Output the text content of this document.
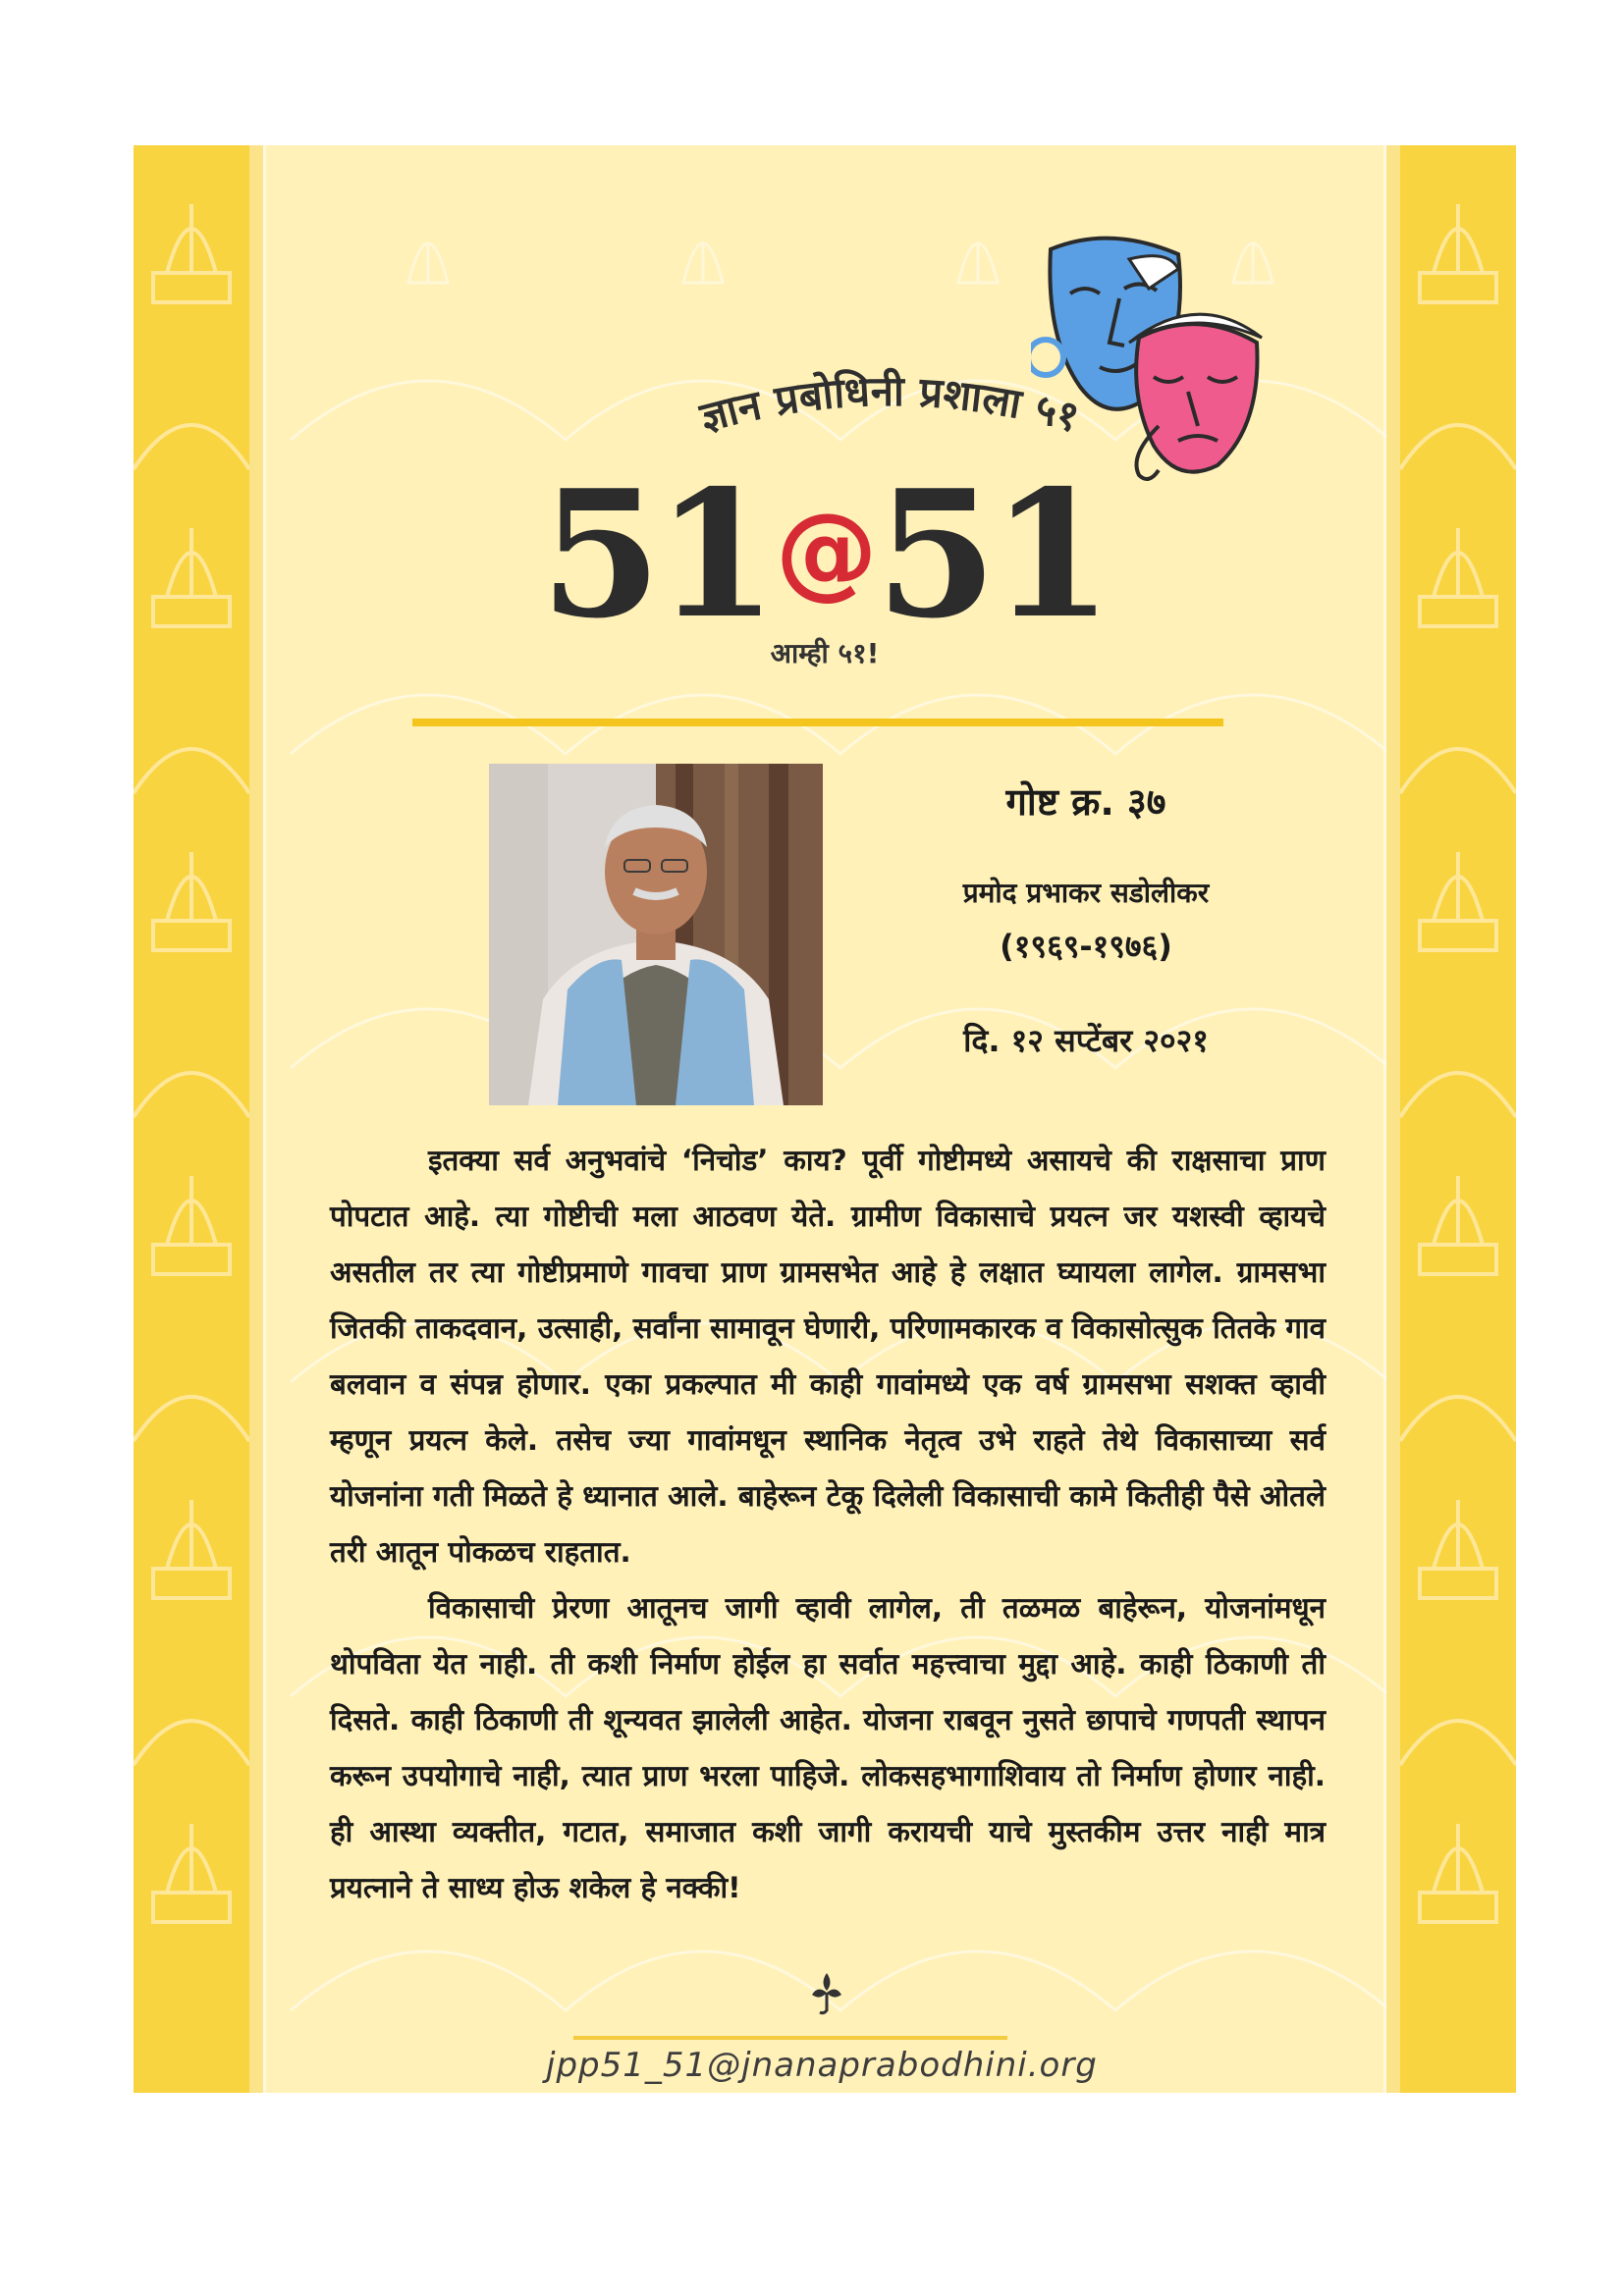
ज्ञान प्रबोधिनी प्रशाला ५१
51@51
आम्ही ५१!
गोष्ट क्र. ३७
प्रमोद प्रभाकर सडोलीकर
(१९६९-१९७६)
दि. १२ सप्टेंबर २०२१

इतक्या सर्व अनुभवांचे ‘निचोड’ काय? पूर्वी गोष्टीमध्ये असायचे की राक्षसाचा प्राण पोपटात आहे. त्या गोष्टीची मला आठवण येते. ग्रामीण विकासाचे प्रयत्न जर यशस्वी व्हायचे असतील तर त्या गोष्टीप्रमाणे गावचा प्राण ग्रामसभेत आहे हे लक्षात घ्यायला लागेल. ग्रामसभा जितकी ताकदवान, उत्साही, सर्वांना सामावून घेणारी, परिणामकारक व विकासोत्सुक तितके गाव बलवान व संपन्न होणार. एका प्रकल्पात मी काही गावांमध्ये एक वर्ष ग्रामसभा सशक्त व्हावी म्हणून प्रयत्न केले. तसेच ज्या गावांमधून स्थानिक नेतृत्व उभे राहते तेथे विकासाच्या सर्व योजनांना गती मिळते हे ध्यानात आले. बाहेरून टेकू दिलेली विकासाची कामे कितीही पैसे ओतले तरी आतून पोकळच राहतात.

विकासाची प्रेरणा आतूनच जागी व्हावी लागेल, ती तळमळ बाहेरून, योजनांमधून थोपविता येत नाही. ती कशी निर्माण होईल हा सर्वात महत्त्वाचा मुद्दा आहे. काही ठिकाणी ती दिसते. काही ठिकाणी ती शून्यवत झालेली आहेत. योजना राबवून नुसते छापाचे गणपती स्थापन करून उपयोगाचे नाही, त्यात प्राण भरला पाहिजे. लोकसहभागाशिवाय तो निर्माण होणार नाही. ही आस्था व्यक्तीत, गटात, समाजात कशी जागी करायची याचे मुस्तकीम उत्तर नाही मात्र प्रयत्नाने ते साध्य होऊ शकेल हे नक्की!

jpp51_51@jnanaprabodhini.org
